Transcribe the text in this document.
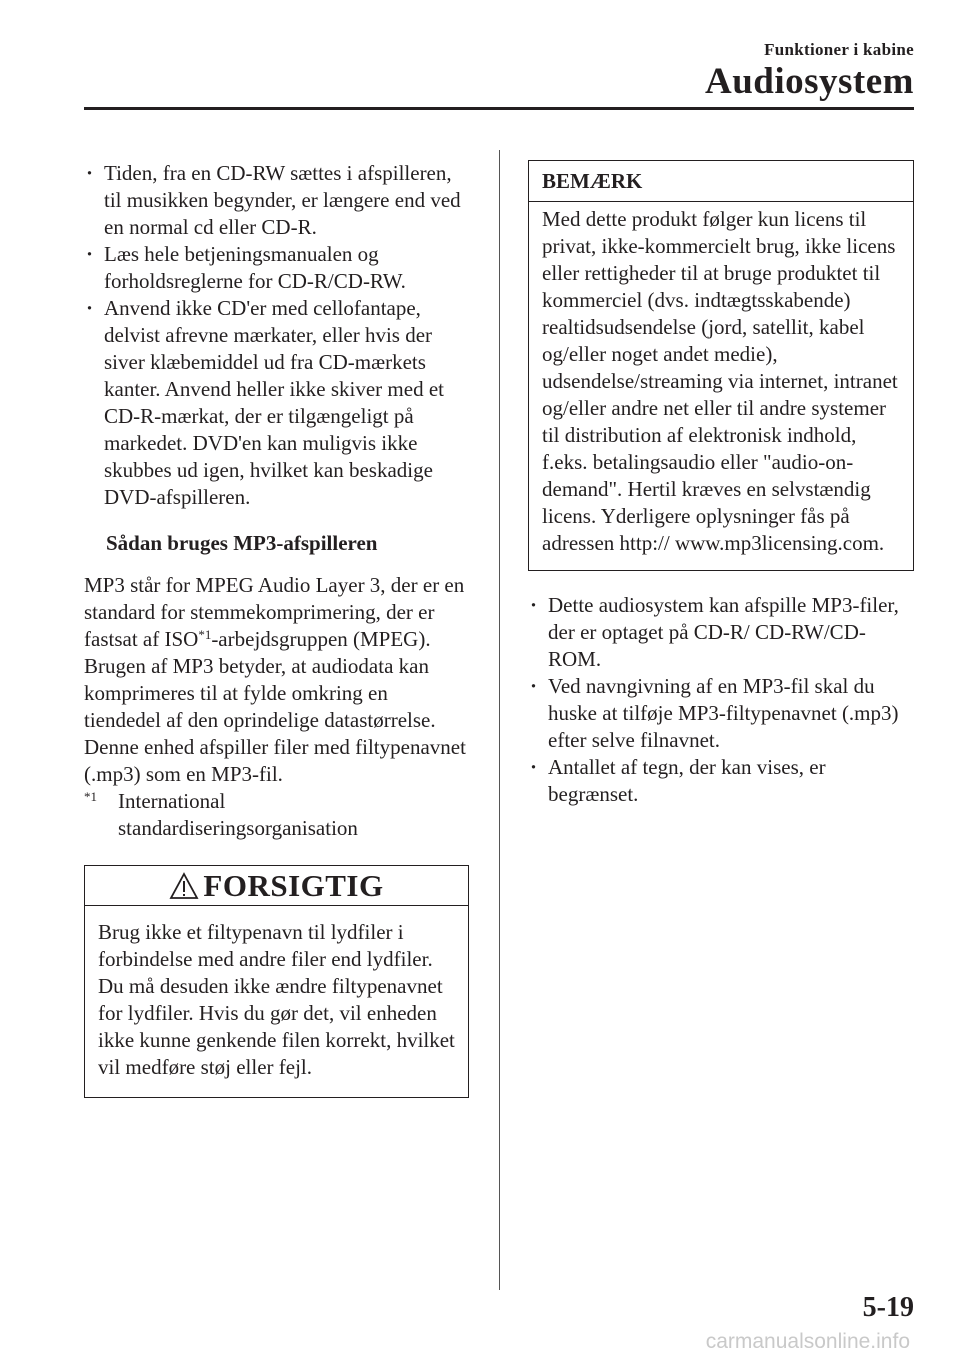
Funktioner i kabine
Audiosystem
· Tiden, fra en CD-RW sættes i afspilleren, til musikken begynder, er længere end ved en normal cd eller CD-R.
· Læs hele betjeningsmanualen og forholdsreglerne for CD-R/CD-RW.
· Anvend ikke CD'er med cellofantape, delvist afrevne mærkater, eller hvis der siver klæbemiddel ud fra CD-mærkets kanter. Anvend heller ikke skiver med et CD-R-mærkat, der er tilgængeligt på markedet. DVD'en kan muligvis ikke skubbes ud igen, hvilket kan beskadige DVD-afspilleren.
Sådan bruges MP3-afspilleren
MP3 står for MPEG Audio Layer 3, der er en standard for stemmekomprimering, der er fastsat af ISO$^{*1}$-arbejdsgruppen (MPEG).
Brugen af MP3 betyder, at audiodata kan komprimeres til at fylde omkring en tiendedel af den oprindelige datastørrelse. Denne enhed afspiller filer med filtypenavnet (.mp3) som en MP3-fil.
$^{*1}$	International standardiseringsorganisation
FORSIGTIG
Brug ikke et filtypenavn til lydfiler i forbindelse med andre filer end lydfiler. Du må desuden ikke ændre filtypenavnet for lydfiler. Hvis du gør det, vil enheden ikke kunne genkende filen korrekt, hvilket vil medføre støj eller fejl.
BEMÆRK
Med dette produkt følger kun licens til privat, ikke-kommercielt brug, ikke licens eller rettigheder til at bruge produktet til kommerciel (dvs. indtægtsskabende) realtidsudsendelse (jord, satellit, kabel og/eller noget andet medie), udsendelse/streaming via internet, intranet og/eller andre net eller til andre systemer til distribution af elektronisk indhold, f.eks. betalingsaudio eller "audio-on-demand". Hertil kræves en selvstændig licens. Yderligere oplysninger fås på adressen http:// www.mp3licensing.com.
· Dette audiosystem kan afspille MP3-filer, der er optaget på CD-R/ CD-RW/CD-ROM.
· Ved navngivning af en MP3-fil skal du huske at tilføje MP3-filtypenavnet (.mp3) efter selve filnavnet.
· Antallet af tegn, der kan vises, er begrænset.
5-19
carmanualsonline.info
